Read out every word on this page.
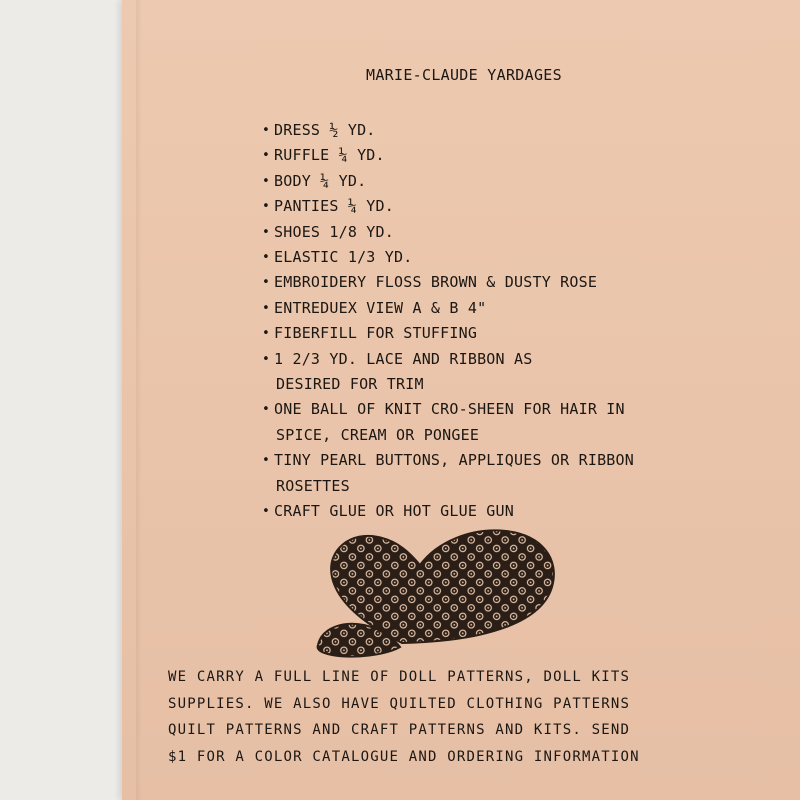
MARIE-CLAUDE YARDAGES
• DRESS ½ YD.
• RUFFLE ¼ YD.
• BODY ¼ YD.
• PANTIES ¼ YD.
• SHOES 1/8 YD.
• ELASTIC 1/3 YD.
• EMBROIDERY FLOSS BROWN & DUSTY ROSE
• ENTREDUEX VIEW A & B 4"
• FIBERFILL FOR STUFFING
• 1 2/3 YD. LACE AND RIBBON AS
DESIRED FOR TRIM
• ONE BALL OF KNIT CRO-SHEEN FOR HAIR IN
SPICE, CREAM OR PONGEE
• TINY PEARL BUTTONS, APPLIQUES OR RIBBON
ROSETTES
• CRAFT GLUE OR HOT GLUE GUN
WE CARRY A FULL LINE OF DOLL PATTERNS, DOLL KITS
SUPPLIES. WE ALSO HAVE QUILTED CLOTHING PATTERNS
QUILT PATTERNS AND CRAFT PATTERNS AND KITS. SEND
$1 FOR A COLOR CATALOGUE AND ORDERING INFORMATION
